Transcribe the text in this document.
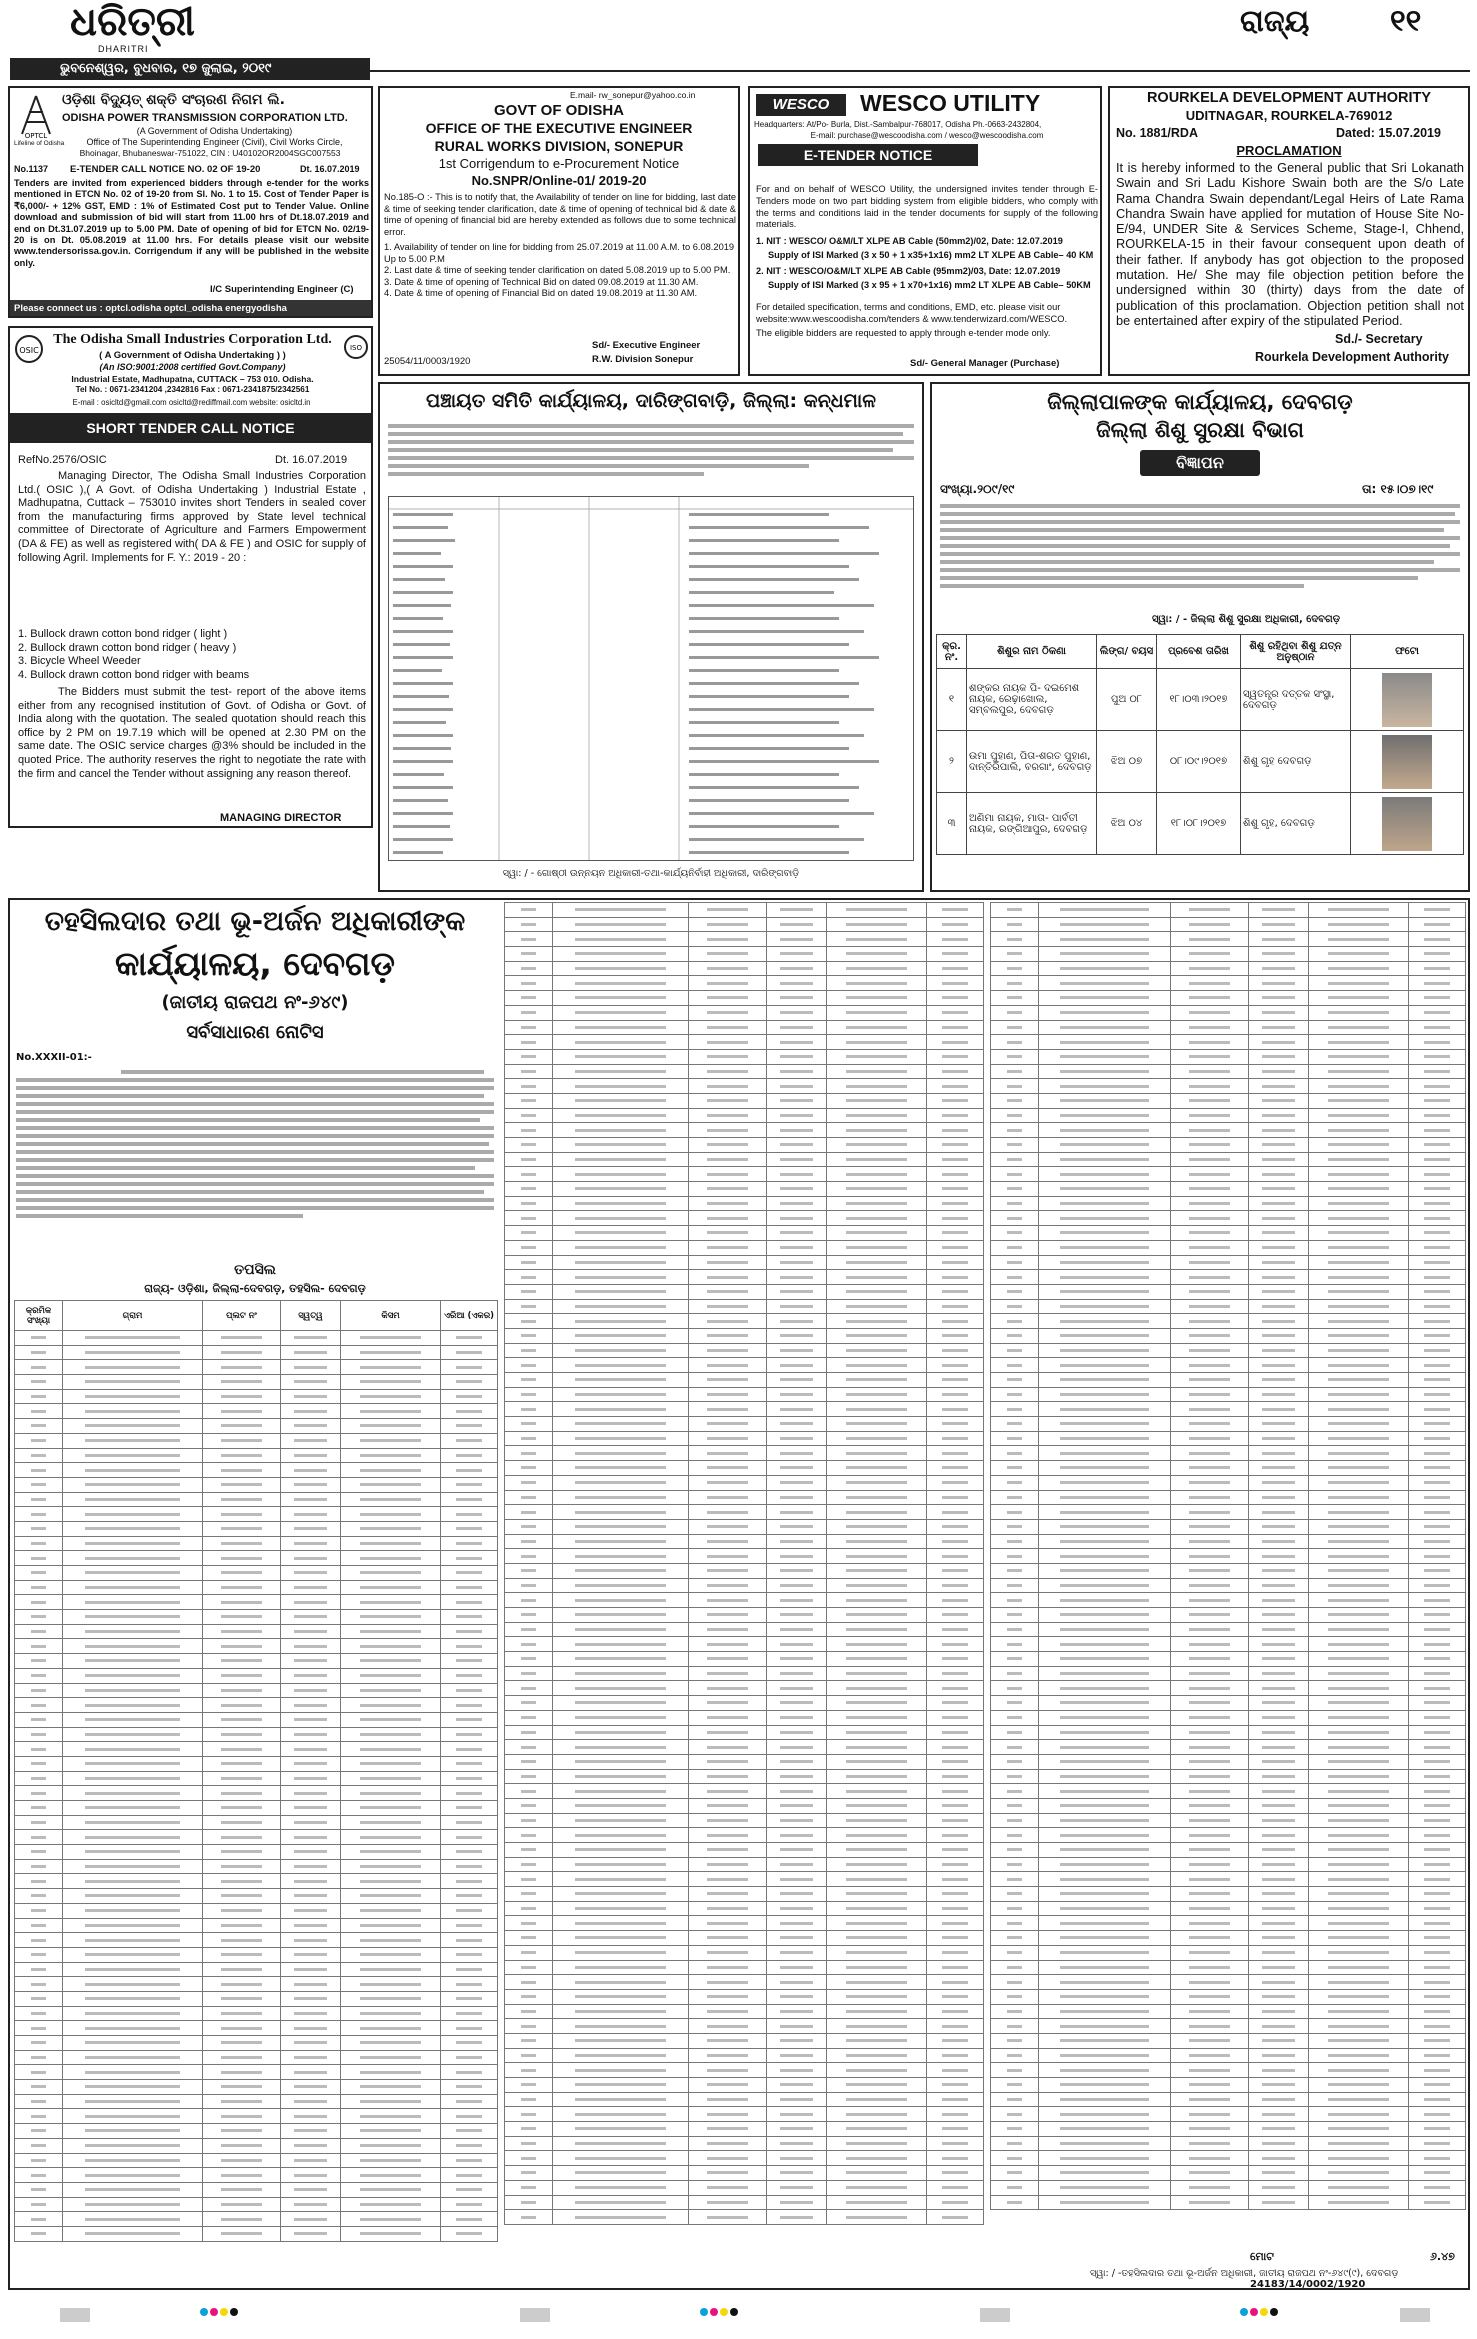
ଧରିତ୍ରୀ
DHARITRI
ରାଜ୍ୟ	୧୧
ଭୁବନେଶ୍ୱର, ବୁଧବାର, ୧୭ ଜୁଲାଇ, ୨୦୧୯
OPTCL
ଓଡ଼ିଶା ବିଦ୍ୟୁତ୍ ଶକ୍ତି ସଂଚାରଣ ନିଗମ ଲି.
ODISHA POWER TRANSMISSION CORPORATION LTD.
(A Government of Odisha Undertaking)
Office of The Superintending Engineer (Civil), Civil Works Circle,
Bhoinagar, Bhubaneswar-751022, CIN : U40102OR2004SGC007553
Lifeline of Odisha
No.1137 E-TENDER CALL NOTICE NO. 02 OF 19-20	Dt. 16.07.2019
Tenders are invited from experienced bidders through e-tender for the works mentioned in ETCN No. 02 of 19-20 from Sl. No. 1 to 15. Cost of Tender Paper is ₹6,000/- + 12% GST, EMD : 1% of Estimated Cost put to Tender Value. Online download and submission of bid will start from 11.00 hrs of Dt.18.07.2019 and end on Dt.31.07.2019 up to 5.00 PM. Date of opening of bid for ETCN No. 02/19-20 is on Dt. 05.08.2019 at 11.00 hrs. For details please visit our website www.tendersorissa.gov.in. Corrigendum if any will be published in the website only.
I/C Superintending Engineer (C)
Please connect us : optcl.odisha optcl_odisha energyodisha
OSIC	ISO
The Odisha Small Industries Corporation Ltd.
( A Government of Odisha Undertaking ) )
(An ISO:9001:2008 certified Govt.Company)
Industrial Estate, Madhupatna, CUTTACK – 753 010. Odisha.
Tel No. : 0671-2341204 ,2342816 Fax : 0671-2341875/2342561
E-mail : osicltd@gmail.com osicltd@rediffmail.com website: osicltd.in
SHORT TENDER CALL NOTICE
RefNo.2576/OSIC	Dt. 16.07.2019
Managing Director, The Odisha Small Industries Corporation Ltd.( OSIC ),( A Govt. of Odisha Undertaking ) Industrial Estate , Madhupatna, Cuttack – 753010 invites short Tenders in sealed cover from the manufacturing firms approved by State level technical committee of Directorate of Agriculture and Farmers Empowerment (DA & FE) as well as registered with( DA & FE ) and OSIC for supply of following Agril. Implements for F. Y.: 2019 - 20 :
1. Bullock drawn cotton bond ridger ( light )
2. Bullock drawn cotton bond ridger ( heavy )
3. Bicycle Wheel Weeder
4. Bullock drawn cotton bond ridger with beams
The Bidders must submit the test- report of the above items either from any recognised institution of Govt. of Odisha or Govt. of India along with the quotation. The sealed quotation should reach this office by 2 PM on 19.7.19 which will be opened at 2.30 PM on the same date. The OSIC service charges @3% should be included in the quoted Price. The authority reserves the right to negotiate the rate with the firm and cancel the Tender without assigning any reason thereof.
MANAGING DIRECTOR
E.mail- rw_sonepur@yahoo.co.in
GOVT OF ODISHA
OFFICE OF THE EXECUTIVE ENGINEER
RURAL WORKS DIVISION, SONEPUR
1st Corrigendum to e-Procurement Notice
No.SNPR/Online-01/ 2019-20
No.185-O :- This is to notify that, the Availability of tender on line for bidding, last date & time of seeking tender clarification, date & time of opening of technical bid & date & time of opening of financial bid are hereby extended as follows due to some technical error.
1. Availability of tender on line for bidding from 25.07.2019 at 11.00 A.M. to 6.08.2019 Up to 5.00 P.M
2. Last date & time of seeking tender clarification on dated 5.08.2019 up to 5.00 PM.
3. Date & time of opening of Technical Bid on dated 09.08.2019 at 11.30 AM.
4. Date & time of opening of Financial Bid on dated 19.08.2019 at 11.30 AM.
Sd/- Executive Engineer
25054/11/0003/1920	R.W. Division Sonepur
WESCO	WESCO UTILITY
Headquarters: At/Po- Burla, Dist.-Sambalpur-768017, Odisha Ph.-0663-2432804,
E-mail: purchase@wescoodisha.com / wesco@wescoodisha.com
E-TENDER NOTICE
For and on behalf of WESCO Utility, the undersigned invites tender through E-Tenders mode on two part bidding system from eligible bidders, who comply with the terms and conditions laid in the tender documents for supply of the following materials.
1. NIT : WESCO/ O&M/LT XLPE AB Cable (50mm2)/02, Date: 12.07.2019
Supply of ISI Marked (3 x 50 + 1 x35+1x16) mm2 LT XLPE AB Cable– 40 KM
2. NIT : WESCO/O&M/LT XLPE AB Cable (95mm2)/03, Date: 12.07.2019
Supply of ISI Marked (3 x 95 + 1 x70+1x16) mm2 LT XLPE AB Cable– 50KM
For detailed specification, terms and conditions, EMD, etc. please visit our website:www.wescoodisha.com/tenders & www.tenderwizard.com/WESCO.
The eligible bidders are requested to apply through e-tender mode only.
Sd/- General Manager (Purchase)
ROURKELA DEVELOPMENT AUTHORITY
UDITNAGAR, ROURKELA-769012
No. 1881/RDA	Dated: 15.07.2019
PROCLAMATION
It is hereby informed to the General public that Sri Lokanath Swain and Sri Ladu Kishore Swain both are the S/o Late Rama Chandra Swain dependant/Legal Heirs of Late Rama Chandra Swain have applied for mutation of House Site No-E/94, UNDER Site & Services Scheme, Stage-I, Chhend, ROURKELA-15 in their favour consequent upon death of their father. If anybody has got objection to the proposed mutation. He/ She may file objection petition before the undersigned within 30 (thirty) days from the date of publication of this proclamation. Objection petition shall not be entertained after expiry of the stipulated Period.
Sd./- Secretary
Rourkela Development Authority
ପଞ୍ଚାୟତ ସମିତି କାର୍ଯ୍ୟାଳୟ, ଦାରିଙ୍ଗବାଡ଼ି, ଜିଲ୍ଲା: କନ୍ଧମାଳ
ସ୍ୱା: / - ଗୋଷ୍ଠୀ ଉନ୍ନୟନ ଅଧିକାରୀ-ତଥା-କାର୍ଯ୍ୟନିର୍ବାହୀ ଅଧିକାରୀ, ଦାରିଙ୍ଗବାଡ଼ି
ଜିଲ୍ଲାପାଳଙ୍କ କାର୍ଯ୍ୟାଳୟ, ଦେବଗଡ଼
ଜିଲ୍ଲା ଶିଶୁ ସୁରକ୍ଷା ବିଭାଗ
ବିଜ୍ଞାପନ
ସଂଖ୍ୟା.୨୦୯/୧୯	ତା: ୧୫।୦୭।୧୯
ସ୍ୱା: / - ଜିଲ୍ଲା ଶିଶୁ ସୁରକ୍ଷା ଅଧିକାରୀ, ଦେବଗଡ଼
କ୍ର. ନଂ.	ଶିଶୁର ନାମ ଠିକଣା	ଲିଙ୍ଗ/ ବୟସ	ପ୍ରବେଶ ତାରିଖ	ଶିଶୁ ରହିଥିବା ଶିଶୁ ଯତ୍ନ ଅନୁଷ୍ଠାନ	ଫଟୋ
୧	ଶଙ୍କର ନାୟକ ପି- ଦଇମେଶ ନାୟକ, ରେଢ଼ାଖୋଲ, ସମ୍ବଲପୁର, ଦେବଗଡ଼	ପୁଅ ୦୮	୧୮।୦୩।୨୦୧୭	ସ୍ୱତନ୍ତ୍ର ଦତ୍ତକ ସଂସ୍ଥା, ଦେବଗଡ଼	

୨	ଉମା ପୁହାଣ, ପିତା-ଶରତ ପୁହାଣ, ଦାନ୍ତିରିପାଲି, ବରଗାଂ, ଦେବଗଡ଼	ଝିଅ ୦୭	୦୮।୦୯।୨୦୧୭	ଶିଶୁ ଗୃହ ଦେବଗଡ଼	

୩	ଅଣିମା ନାୟକ, ମାତା- ପାର୍ବତୀ ନାୟକ, ରଙ୍ଗିଆପୁର, ଦେବଗଡ଼	ଝିଅ ୦୪	୧୮।୦୮।୨୦୧୭	ଶିଶୁ ଗୃହ, ଦେବଗଡ଼	
ତହସିଲଦାର ତଥା ଭୂ-ଅର୍ଜନ ଅଧିକାରୀଙ୍କ
କାର୍ଯ୍ୟାଳୟ, ଦେବଗଡ଼
(ଜାତୀୟ ରାଜପଥ ନଂ-୬୪୯)
ସର୍ବସାଧାରଣ ନୋଟିସ
No.XXXII-01:-
ତପସିଲ
ରାଜ୍ୟ- ଓଡ଼ିଶା, ଜିଲ୍ଲା-ଦେବଗଡ଼, ତହସିଲ- ଦେବଗଡ଼
କ୍ରମିକ ସଂଖ୍ୟା	ଗ୍ରାମ	ପ୍ଲଟ ନଂ	ସ୍ୱତ୍ୱ	କିସମ	ଏରିଆ (ଏକର)

ମୋଟ	୬.୪୭
ସ୍ୱା: / -ତହସିଲଦାର ତଥା ଭୂ-ଅର୍ଜନ ଅଧିକାରୀ, ଜାତୀୟ ରାଜପଥ ନଂ-୬୪୯(୯), ଦେବଗଡ଼
24183/14/0002/1920
